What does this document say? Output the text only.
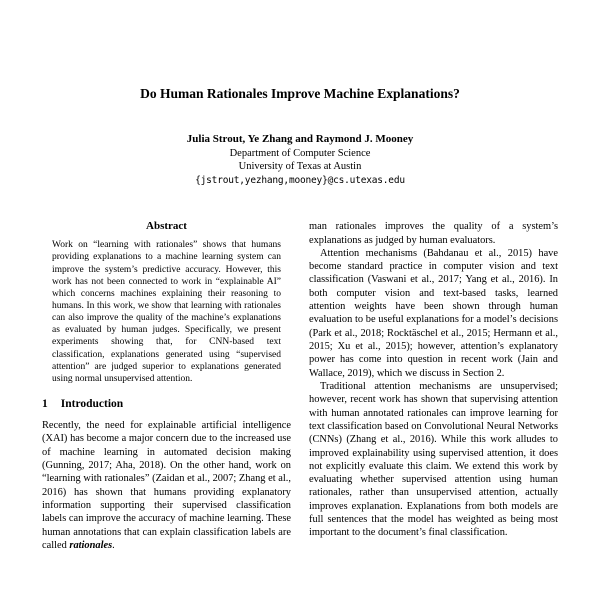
Do Human Rationales Improve Machine Explanations?
Julia Strout, Ye Zhang and Raymond J. Mooney
Department of Computer Science
University of Texas at Austin
{jstrout,yezhang,mooney}@cs.utexas.edu
Abstract

Work on “learning with rationales” shows that humans providing explanations to a machine learning system can improve the system’s predictive accuracy. However, this work has not been connected to work in “explainable AI” which concerns machines explaining their reasoning to humans. In this work, we show that learning with rationales can also improve the quality of the machine’s explanations as evaluated by human judges. Specifically, we present experiments showing that, for CNN-based text classification, explanations generated using “supervised attention” are judged superior to explanations generated using normal unsupervised attention.

1 Introduction

Recently, the need for explainable artificial intelligence (XAI) has become a major concern due to the increased use of machine learning in automated decision making (Gunning, 2017; Aha, 2018). On the other hand, work on “learning with rationales” (Zaidan et al., 2007; Zhang et al., 2016) has shown that humans providing explanatory information supporting their supervised classification labels can improve the accuracy of machine learning. These human annotations that can explain classification labels are called rationales.

man rationales improves the quality of a system’s explanations as judged by human evaluators.

Attention mechanisms (Bahdanau et al., 2015) have become standard practice in computer vision and text classification (Vaswani et al., 2017; Yang et al., 2016). In both computer vision and text-based tasks, learned attention weights have been shown through human evaluation to be useful explanations for a model’s decisions (Park et al., 2018; Rocktäschel et al., 2015; Hermann et al., 2015; Xu et al., 2015); however, attention’s explanatory power has come into question in recent work (Jain and Wallace, 2019), which we discuss in Section 2.

Traditional attention mechanisms are unsupervised; however, recent work has shown that supervising attention with human annotated rationales can improve learning for text classification based on Convolutional Neural Networks (CNNs) (Zhang et al., 2016). While this work alludes to improved explainability using supervised attention, it does not explicitly evaluate this claim. We extend this work by evaluating whether supervised attention using human rationales, rather than unsupervised attention, actually improves explanation. Explanations from both models are full sentences that the model has weighted as being most important to the document’s final classification.
